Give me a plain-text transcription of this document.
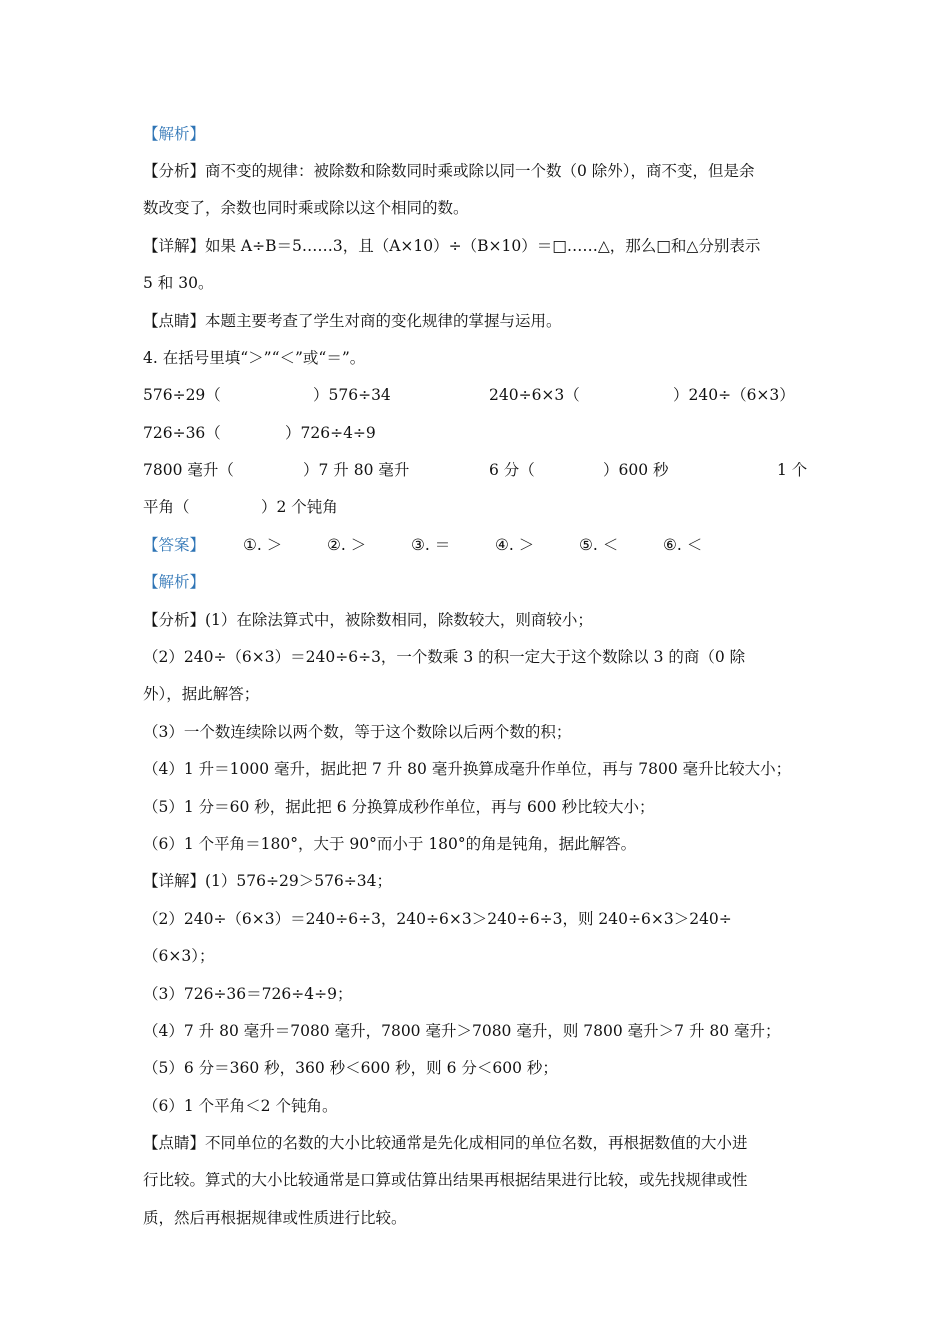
【解析】
【分析】商不变的规律：被除数和除数同时乘或除以同一个数（0 除外），商不变，但是余
数改变了，余数也同时乘或除以这个相同的数。
【详解】如果 A÷B＝5……3，且（A×10）÷（B×10）＝□……△，那么□和△分别表示
5 和 30。
【点睛】本题主要考查了学生对商的变化规律的掌握与运用。
4. 在括号里填“＞”“＜”或“＝”。
576÷29（	）576÷34	240÷6×3（	）240÷（6×3）
726÷36（	）726÷4÷9
7800 毫升（	）7 升 80 毫升	6 分（	）600 秒	1 个
平角（	）2 个钝角
【答案】 ①. ＞	②. ＞	③. ＝	④. ＞	⑤. ＜	⑥. ＜
【解析】
【分析】(1）在除法算式中，被除数相同，除数较大，则商较小；
（2）240÷（6×3）＝240÷6÷3，一个数乘 3 的积一定大于这个数除以 3 的商（0 除
外），据此解答；
（3）一个数连续除以两个数，等于这个数除以后两个数的积；
（4）1 升＝1000 毫升，据此把 7 升 80 毫升换算成毫升作单位，再与 7800 毫升比较大小；
（5）1 分＝60 秒，据此把 6 分换算成秒作单位，再与 600 秒比较大小；
（6）1 个平角＝180°，大于 90°而小于 180°的角是钝角，据此解答。
【详解】(1）576÷29＞576÷34；
（2）240÷（6×3）＝240÷6÷3，240÷6×3＞240÷6÷3，则 240÷6×3＞240÷
（6×3）；
（3）726÷36＝726÷4÷9；
（4）7 升 80 毫升＝7080 毫升，7800 毫升＞7080 毫升，则 7800 毫升＞7 升 80 毫升；
（5）6 分＝360 秒，360 秒＜600 秒，则 6 分＜600 秒；
（6）1 个平角＜2 个钝角。
【点睛】不同单位的名数的大小比较通常是先化成相同的单位名数，再根据数值的大小进
行比较。算式的大小比较通常是口算或估算出结果再根据结果进行比较，或先找规律或性
质，然后再根据规律或性质进行比较。
